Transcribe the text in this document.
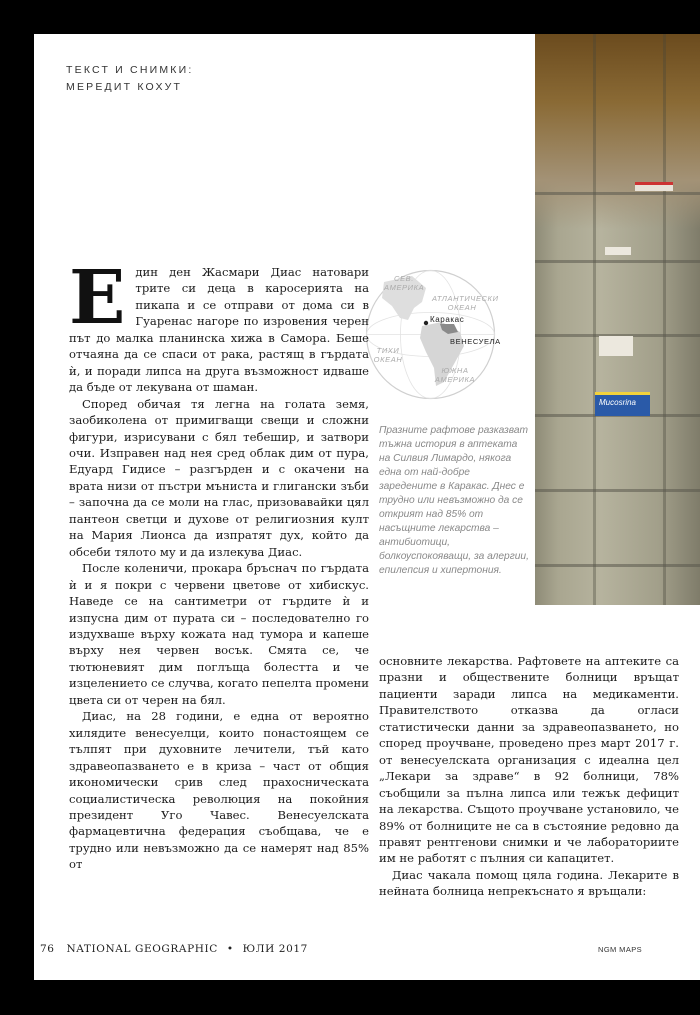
ТЕКСТ И СНИМКИ:
МЕРЕДИТ КОХУТ
Mucosrina
СЕВ. АМЕРИКА
АТЛАНТИЧЕСКИ ОКЕАН
ТИХИ ОКЕАН
ЮЖНА АМЕРИКА
Каракас
ВЕНЕСУЕЛА
Празните рафтове разказват тъжна история в аптеката на Силвия Лимардо, някога една от най-добре заредените в Каракас. Днес е трудно или невъзможно да се открият над 85% от насъщните лекарства – антибиотици, болкоуспокояващи, за алергии, епилепсия и хипертония.

Един ден Жасмари Диас натовари трите си деца в каросерията на пикапа и се отправи от дома си в Гуаренас нагоре по изровения черен път до малка планинска хижа в Самора. Беше отчаяна да се спаси от рака, растящ в гърдата ѝ, и поради липса на друга възможност идваше да бъде от лекувана от шаман.

Според обичая тя легна на голата земя, заобиколена от примигващи свещи и сложни фигури, изрисувани с бял тебешир, и затвори очи. Изправен над нея сред облак дим от пура, Едуард Гидисе – разгърден и с окачени на врата низи от пъстри мъниста и глигански зъби – започна да се моли на глас, призовавайки цял пантеон светци и духове от религиозния култ на Мария Лионса да изпратят дух, който да обсеби тялото му и да излекува Диас.

После коленичи, прокара бръснач по гърдата ѝ и я покри с червени цветове от хибискус. Наведе се на сантиметри от гърдите ѝ и изпусна дим от пурата си – последователно го издухваше върху кожата над тумора и капеше върху нея червен восък. Смята се, че тютюневият дим поглъща болестта и че изцелението се случва, когато пепелта промени цвета си от черен на бял.

Диас, на 28 години, е една от вероятно хилядите венесуелци, които понастоящем се тълпят при духовните лечители, тъй като здравеопазването е в криза – част от общия икономически срив след прахосническата социалистическа революция на покойния президент Уго Чавес. Венесуелската фармацевтична федерация съобщава, че е трудно или невъзможно да се намерят над 85% от

основните лекарства. Рафтовете на аптеките са празни и обществените болници връщат пациенти заради липса на медикаменти. Правителството отказва да огласи статистически данни за здравеопазването, но според проучване, проведено през март 2017 г. от венесуелската организация с идеална цел „Лекари за здраве“ в 92 болници, 78% съобщили за пълна липса или тежък дефицит на лекарства. Същото проучване установило, че 89% от болниците не са в състояние редовно да правят рентгенови снимки и че лабораториите им не работят с пълния си капацитет.

Диас чакала помощ цяла година. Лекарите в нейната болница непрекъснато я връщали:

76 NATIONAL GEOGRAPHIC • ЮЛИ 2017	NGM MAPS
